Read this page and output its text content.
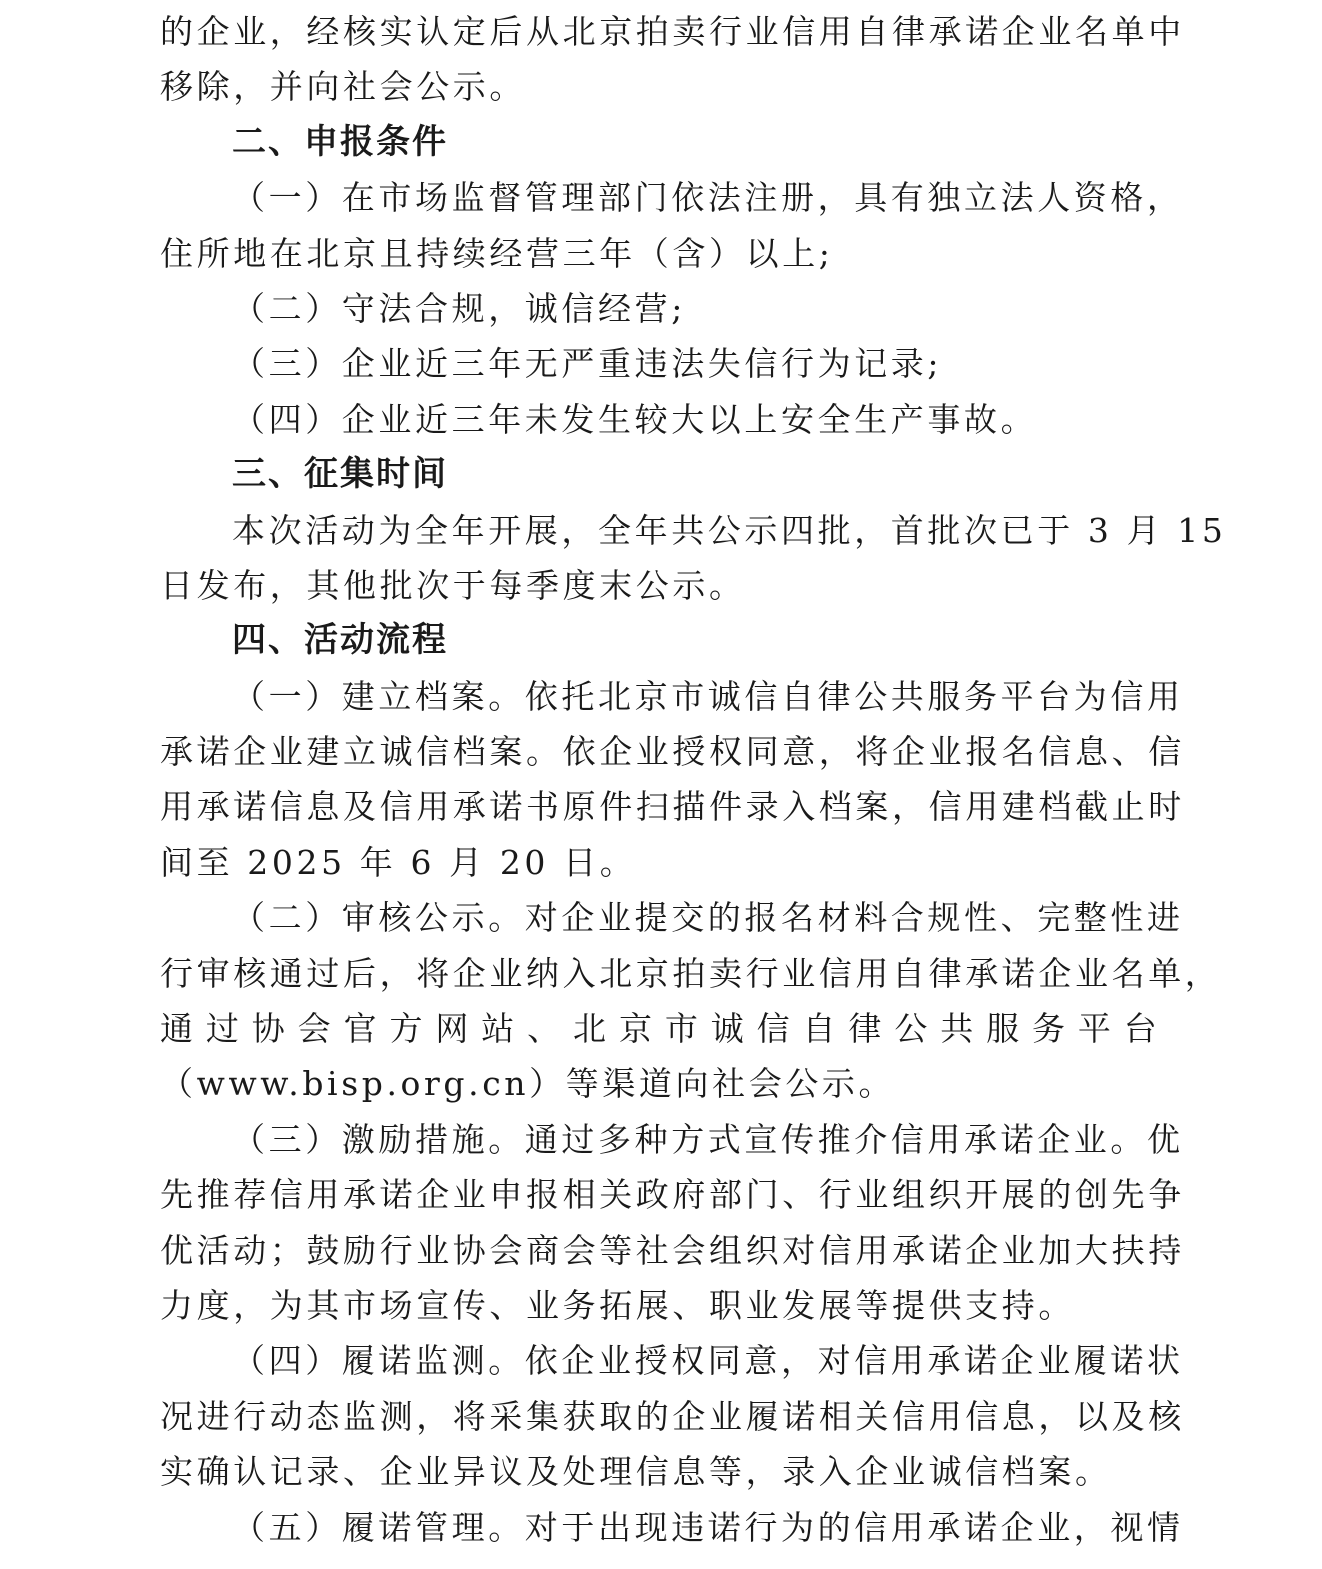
的企业，经核实认定后从北京拍卖行业信用自律承诺企业名单中
移除，并向社会公示。
二、申报条件
（一）在市场监督管理部门依法注册，具有独立法人资格，
住所地在北京且持续经营三年（含）以上;
（二）守法合规，诚信经营;
（三）企业近三年无严重违法失信行为记录;
（四）企业近三年未发生较大以上安全生产事故。
三、征集时间
本次活动为全年开展，全年共公示四批，首批次已于 3 月 15
日发布，其他批次于每季度末公示。
四、活动流程
（一）建立档案。依托北京市诚信自律公共服务平台为信用
承诺企业建立诚信档案。依企业授权同意，将企业报名信息、信
用承诺信息及信用承诺书原件扫描件录入档案，信用建档截止时
间至 2025 年 6 月 20 日。
（二）审核公示。对企业提交的报名材料合规性、完整性进
行审核通过后，将企业纳入北京拍卖行业信用自律承诺企业名单，
通过协会官方网站、北京市诚信自律公共服务平台
（www.bisp.org.cn）等渠道向社会公示。
（三）激励措施。通过多种方式宣传推介信用承诺企业。优
先推荐信用承诺企业申报相关政府部门、行业组织开展的创先争
优活动；鼓励行业协会商会等社会组织对信用承诺企业加大扶持
力度，为其市场宣传、业务拓展、职业发展等提供支持。
（四）履诺监测。依企业授权同意，对信用承诺企业履诺状
况进行动态监测，将采集获取的企业履诺相关信用信息，以及核
实确认记录、企业异议及处理信息等，录入企业诚信档案。
（五）履诺管理。对于出现违诺行为的信用承诺企业，视情
